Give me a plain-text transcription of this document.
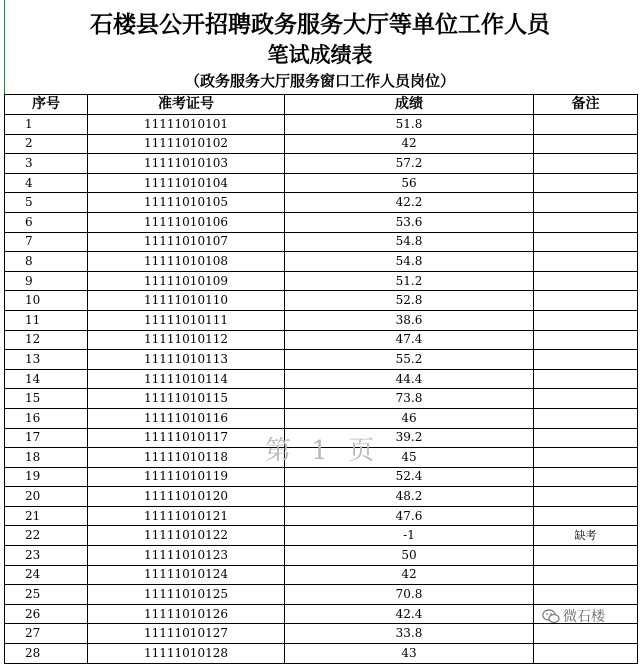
石楼县公开招聘政务服务大厅等单位工作人员
笔试成绩表
（政务服务大厅服务窗口工作人员岗位）
序号	准考证号	成绩	备注
1	11111010101	51.8	
2	11111010102	42	
3	11111010103	57.2	
4	11111010104	56	
5	11111010105	42.2	
6	11111010106	53.6	
7	11111010107	54.8	
8	11111010108	54.8	
9	11111010109	51.2	
10	11111010110	52.8	
11	11111010111	38.6	
12	11111010112	47.4	
13	11111010113	55.2	
14	11111010114	44.4	
15	11111010115	73.8	
16	11111010116	46	
17	11111010117	39.2	
18	11111010118	45	
19	11111010119	52.4	
20	11111010120	48.2	
21	11111010121	47.6	
22	11111010122	-1	缺考
23	11111010123	50	
24	11111010124	42	
25	11111010125	70.8	
26	11111010126	42.4	
27	11111010127	33.8	
28	11111010128	43	
第 1 页
微石楼
